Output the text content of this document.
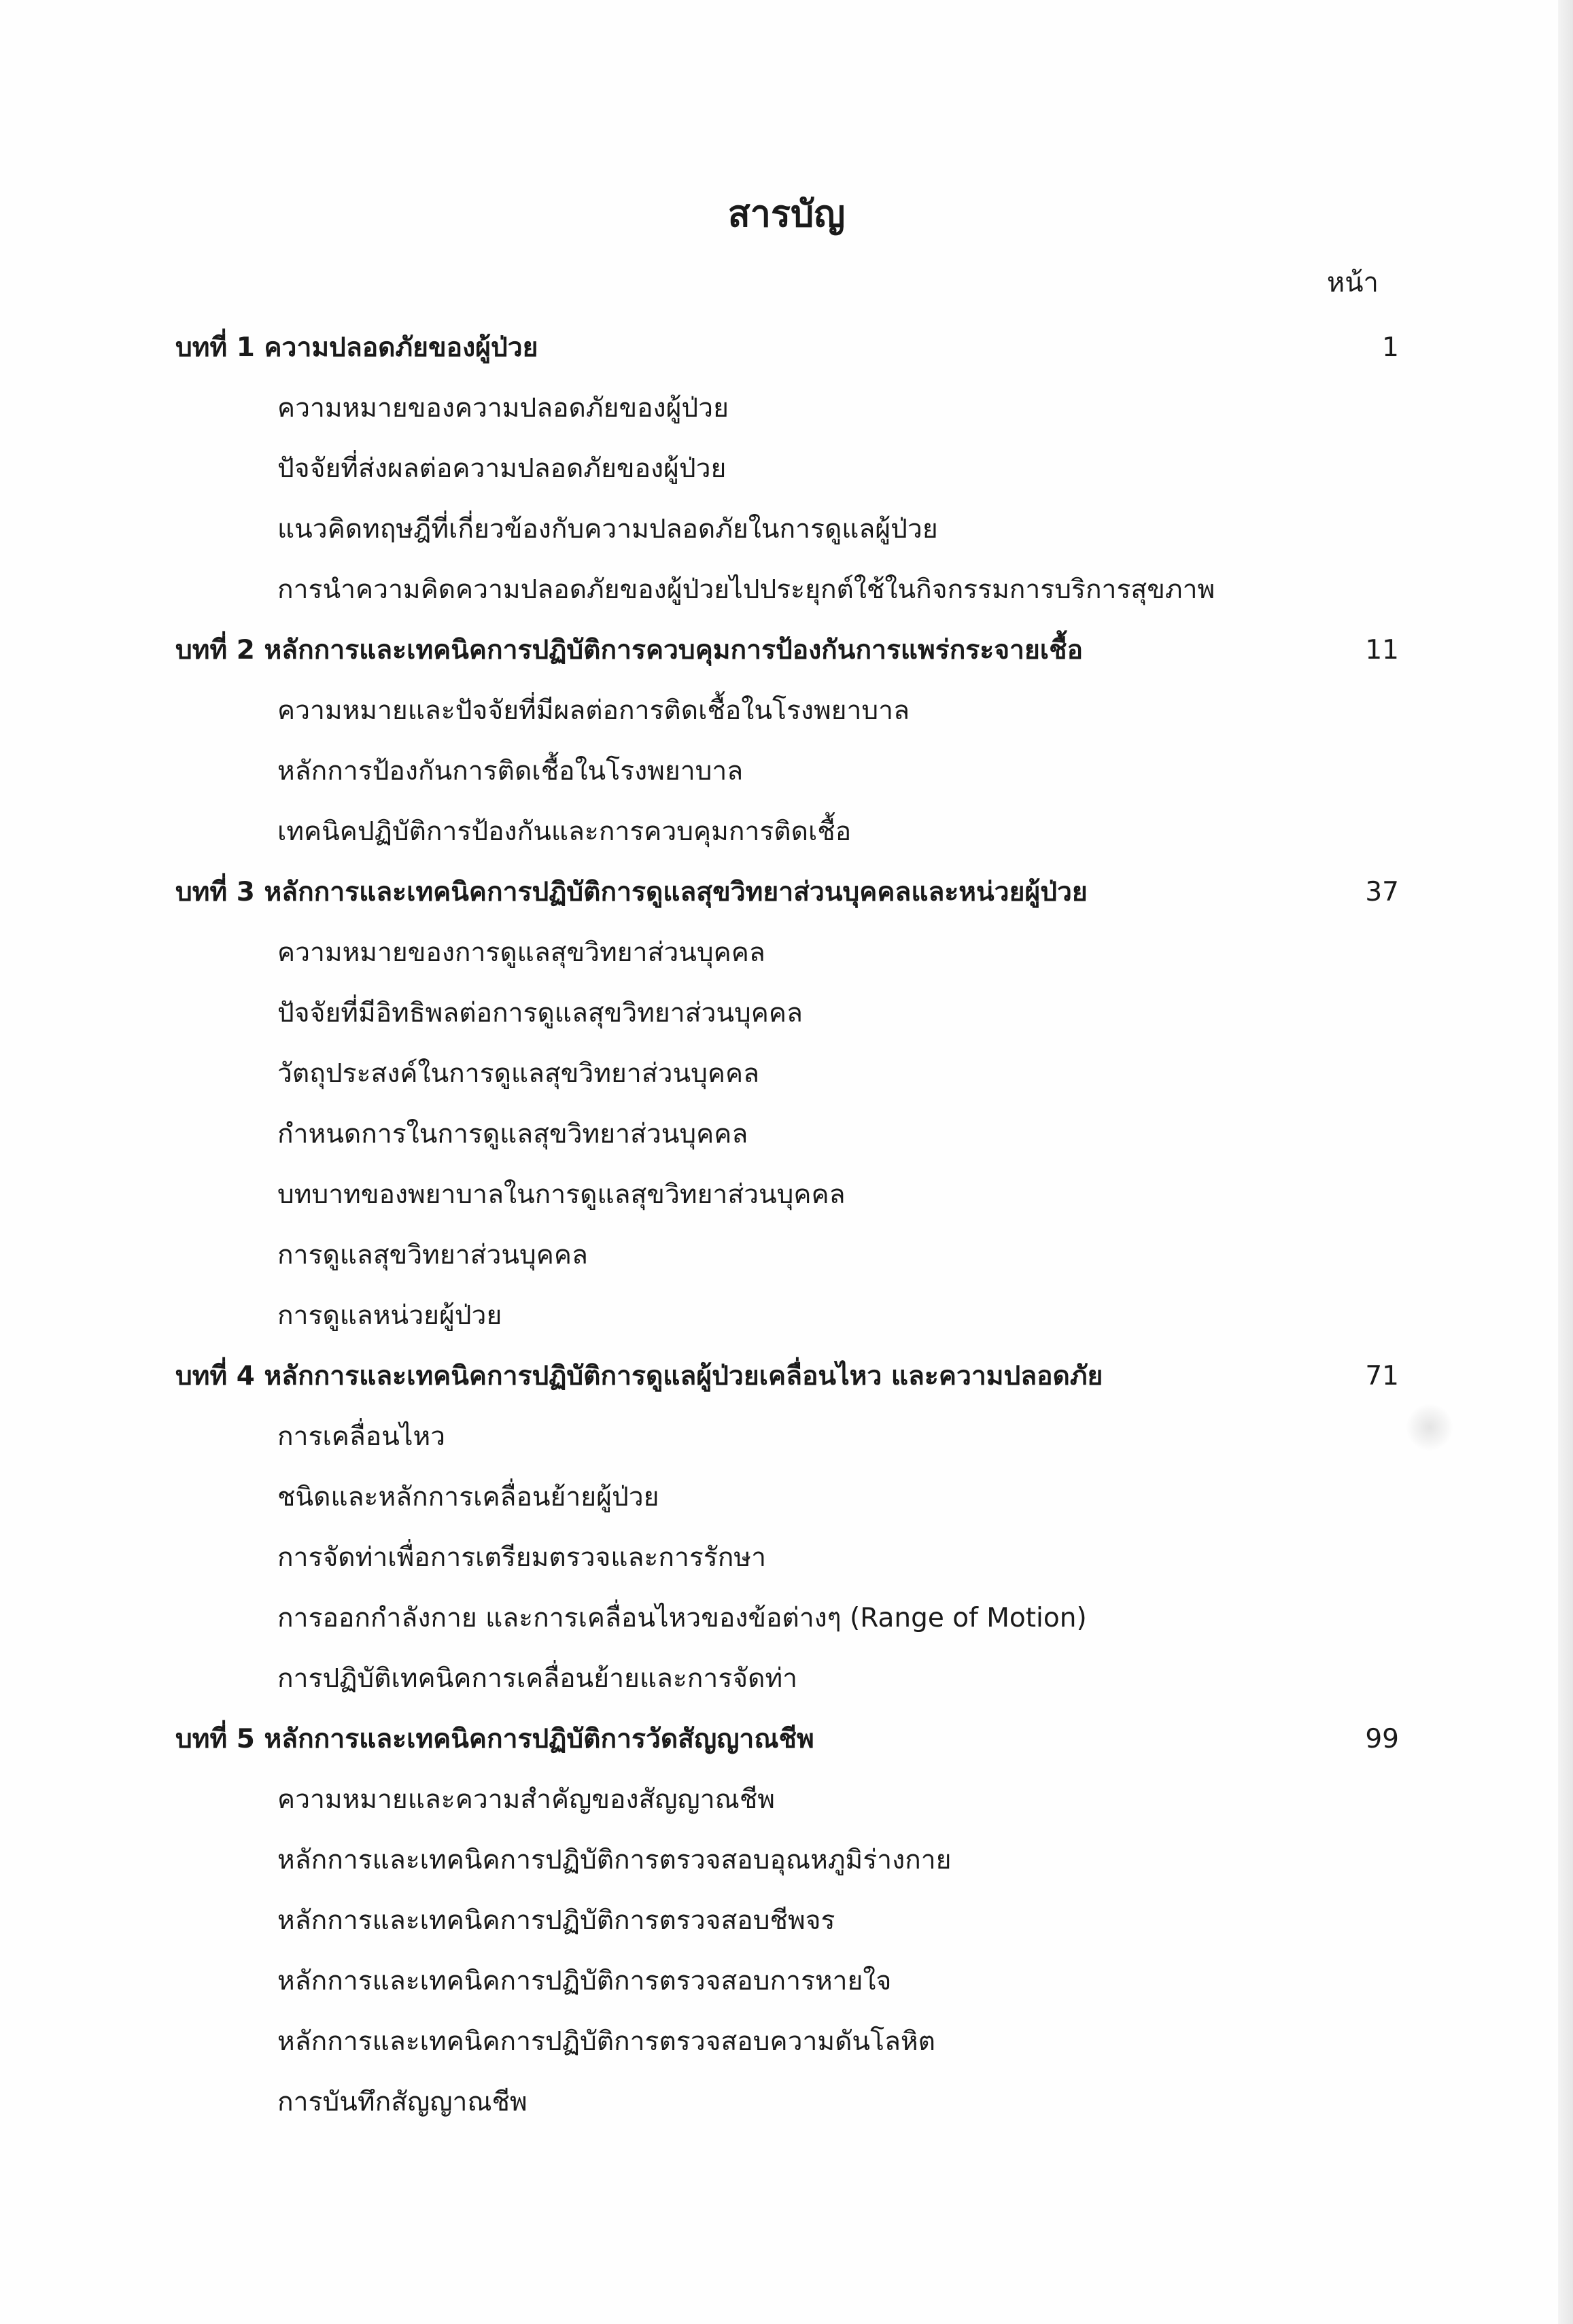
สารบัญ
หน้า
บทที่ 1 ความปลอดภัยของผู้ป่วย	1
ความหมายของความปลอดภัยของผู้ป่วย
ปัจจัยที่ส่งผลต่อความปลอดภัยของผู้ป่วย
แนวคิดทฤษฎีที่เกี่ยวข้องกับความปลอดภัยในการดูแลผู้ป่วย
การนำความคิดความปลอดภัยของผู้ป่วยไปประยุกต์ใช้ในกิจกรรมการบริการสุขภาพ
บทที่ 2 หลักการและเทคนิคการปฏิบัติการควบคุมการป้องกันการแพร่กระจายเชื้อ	11
ความหมายและปัจจัยที่มีผลต่อการติดเชื้อในโรงพยาบาล
หลักการป้องกันการติดเชื้อในโรงพยาบาล
เทคนิคปฏิบัติการป้องกันและการควบคุมการติดเชื้อ
บทที่ 3 หลักการและเทคนิคการปฏิบัติการดูแลสุขวิทยาส่วนบุคคลและหน่วยผู้ป่วย	37
ความหมายของการดูแลสุขวิทยาส่วนบุคคล
ปัจจัยที่มีอิทธิพลต่อการดูแลสุขวิทยาส่วนบุคคล
วัตถุประสงค์ในการดูแลสุขวิทยาส่วนบุคคล
กำหนดการในการดูแลสุขวิทยาส่วนบุคคล
บทบาทของพยาบาลในการดูแลสุขวิทยาส่วนบุคคล
การดูแลสุขวิทยาส่วนบุคคล
การดูแลหน่วยผู้ป่วย
บทที่ 4 หลักการและเทคนิคการปฏิบัติการดูแลผู้ป่วยเคลื่อนไหว และความปลอดภัย	71
การเคลื่อนไหว
ชนิดและหลักการเคลื่อนย้ายผู้ป่วย
การจัดท่าเพื่อการเตรียมตรวจและการรักษา
การออกกำลังกาย และการเคลื่อนไหวของข้อต่างๆ (Range of Motion)
การปฏิบัติเทคนิคการเคลื่อนย้ายและการจัดท่า
บทที่ 5 หลักการและเทคนิคการปฏิบัติการวัดสัญญาณชีพ	99
ความหมายและความสำคัญของสัญญาณชีพ
หลักการและเทคนิคการปฏิบัติการตรวจสอบอุณหภูมิร่างกาย
หลักการและเทคนิคการปฏิบัติการตรวจสอบชีพจร
หลักการและเทคนิคการปฏิบัติการตรวจสอบการหายใจ
หลักการและเทคนิคการปฏิบัติการตรวจสอบความดันโลหิต
การบันทึกสัญญาณชีพ
